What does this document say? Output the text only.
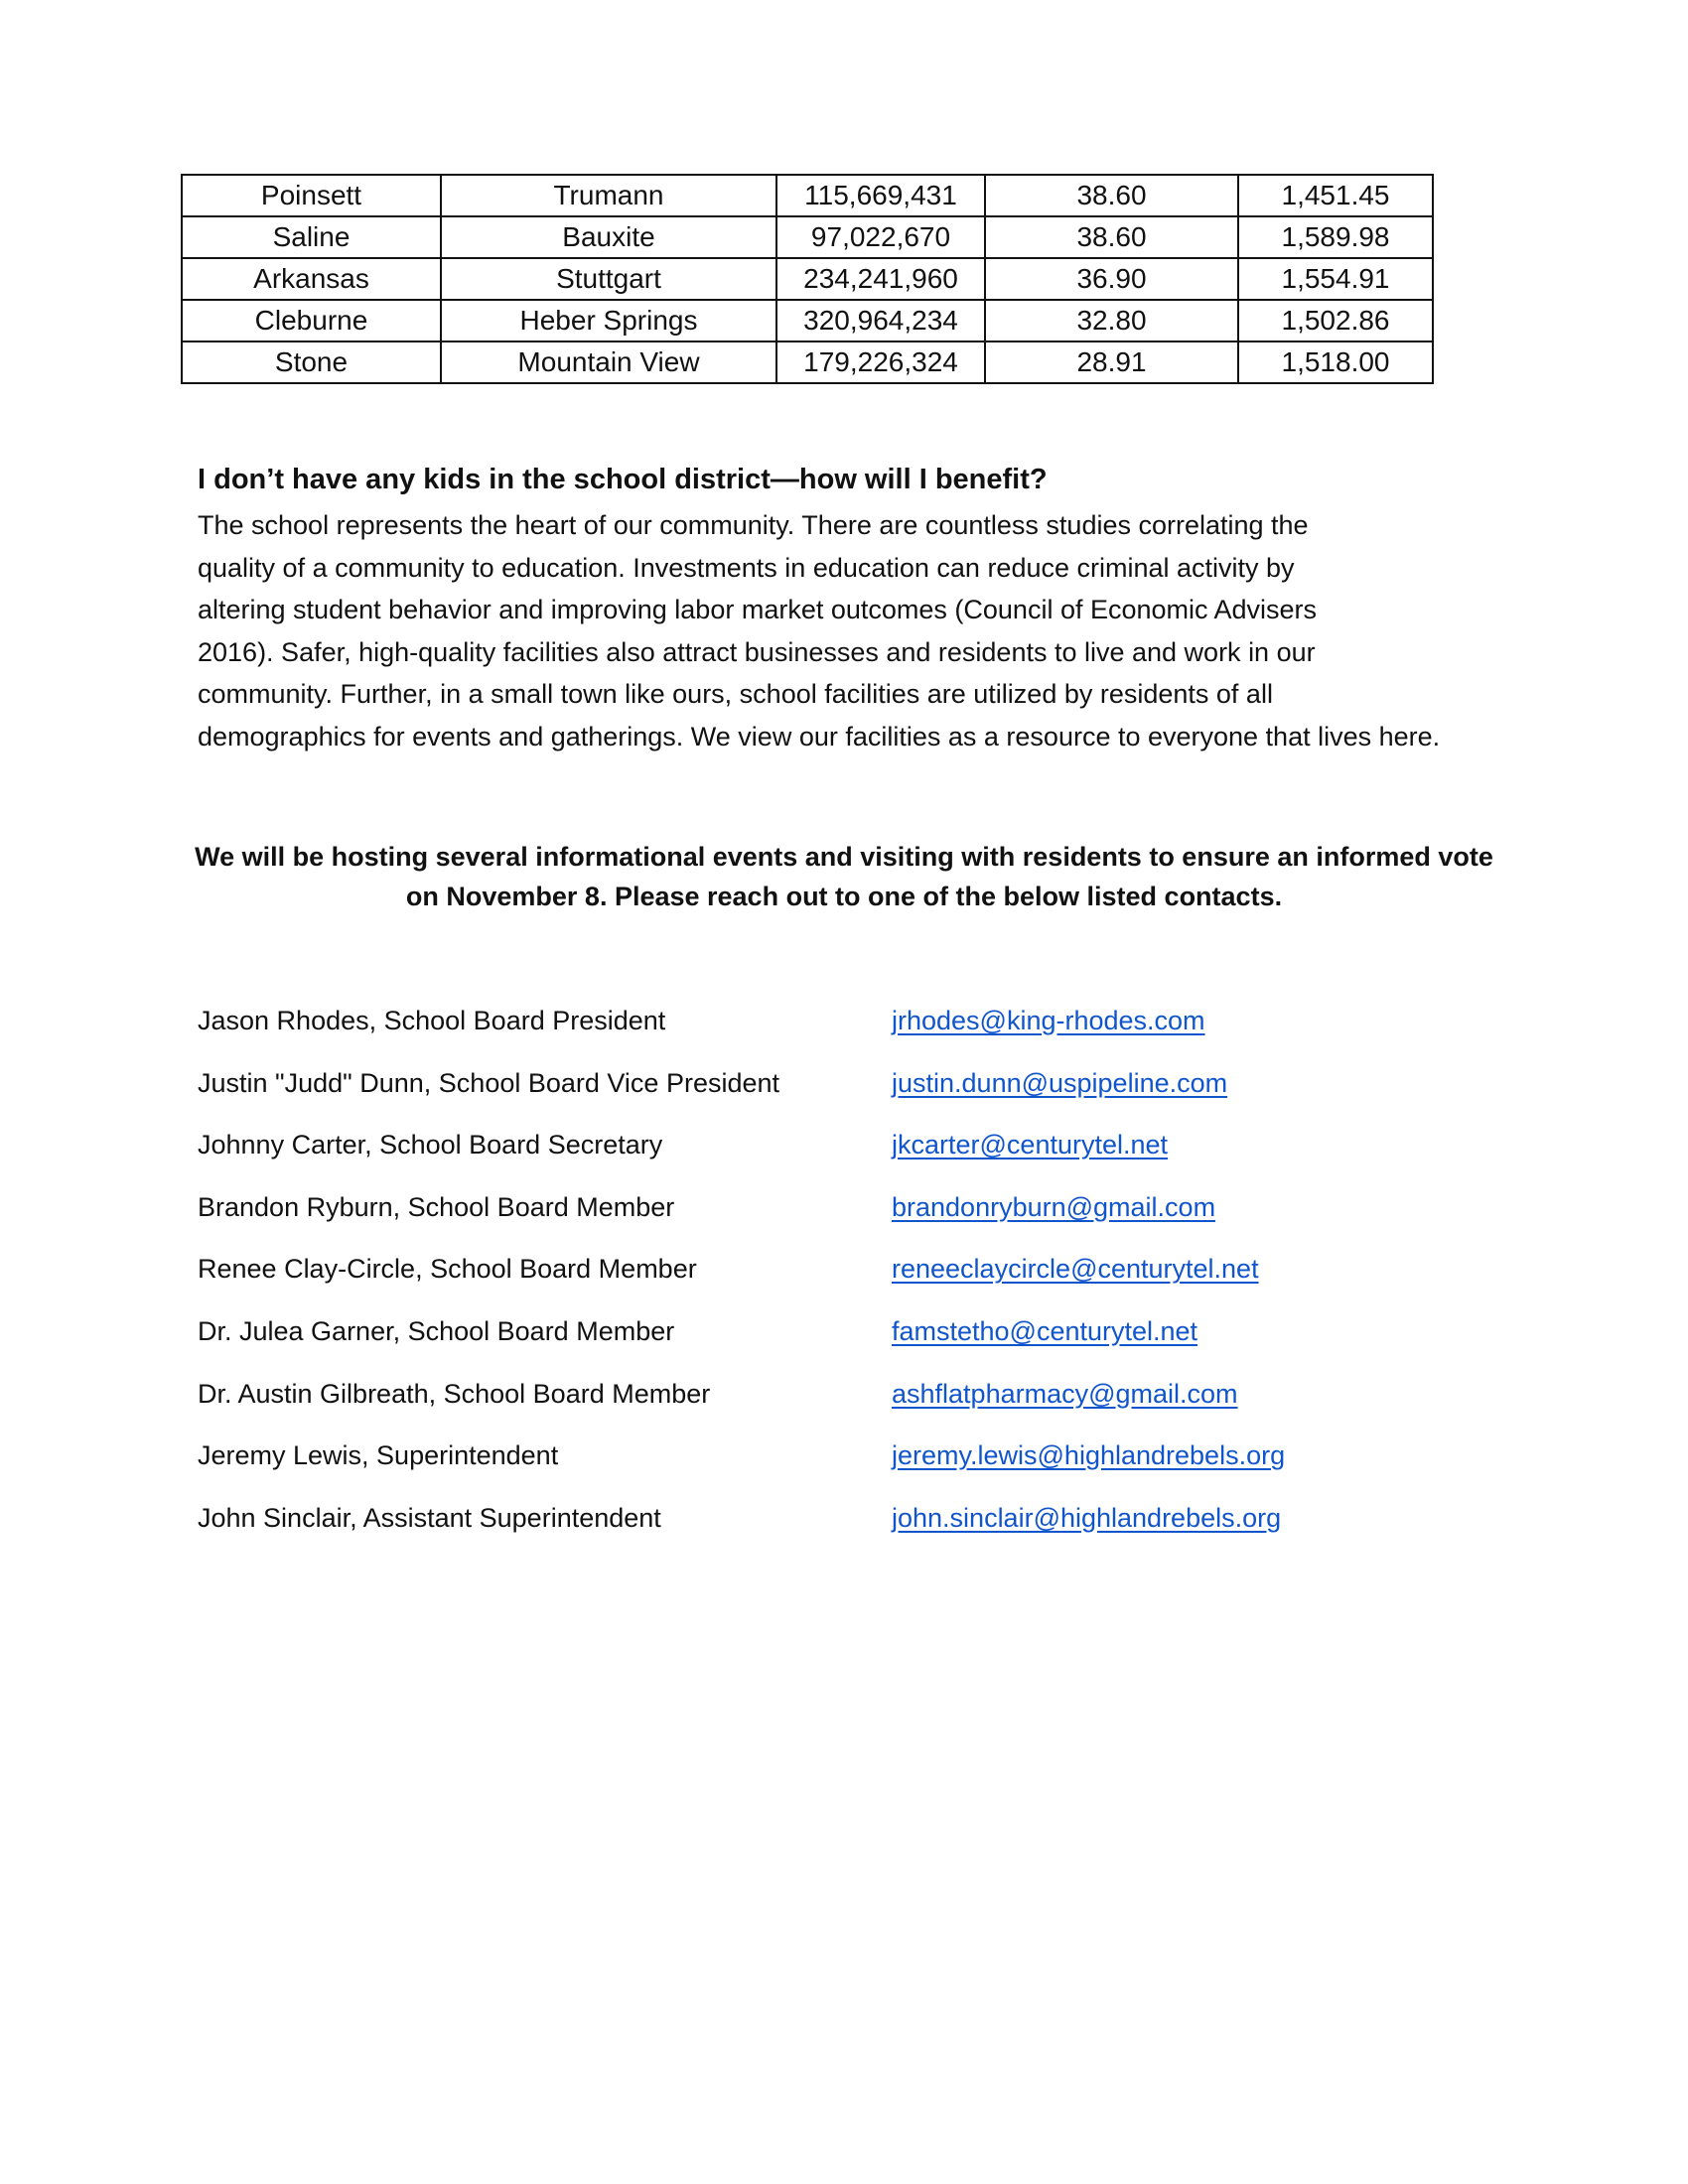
Poinsett	Trumann	115,669,431	38.60	1,451.45
Saline	Bauxite	97,022,670	38.60	1,589.98
Arkansas	Stuttgart	234,241,960	36.90	1,554.91
Cleburne	Heber Springs	320,964,234	32.80	1,502.86
Stone	Mountain View	179,226,324	28.91	1,518.00
I don’t have any kids in the school district—how will I benefit?

The school represents the heart of our community. There are countless studies correlating the
quality of a community to education. Investments in education can reduce criminal activity by
altering student behavior and improving labor market outcomes (Council of Economic Advisers
2016). Safer, high-quality facilities also attract businesses and residents to live and work in our
community. Further, in a small town like ours, school facilities are utilized by residents of all
demographics for events and gatherings. We view our facilities as a resource to everyone that lives here.

We will be hosting several informational events and visiting with residents to ensure an informed vote
on November 8. Please reach out to one of the below listed contacts.

Jason Rhodes, School Board President	jrhodes@king-rhodes.com
Justin "Judd" Dunn, School Board Vice President	justin.dunn@uspipeline.com
Johnny Carter, School Board Secretary	jkcarter@centurytel.net
Brandon Ryburn, School Board Member	brandonryburn@gmail.com
Renee Clay-Circle, School Board Member	reneeclaycircle@centurytel.net
Dr. Julea Garner, School Board Member	famstetho@centurytel.net
Dr. Austin Gilbreath, School Board Member	ashflatpharmacy@gmail.com
Jeremy Lewis, Superintendent	jeremy.lewis@highlandrebels.org
John Sinclair, Assistant Superintendent	john.sinclair@highlandrebels.org
